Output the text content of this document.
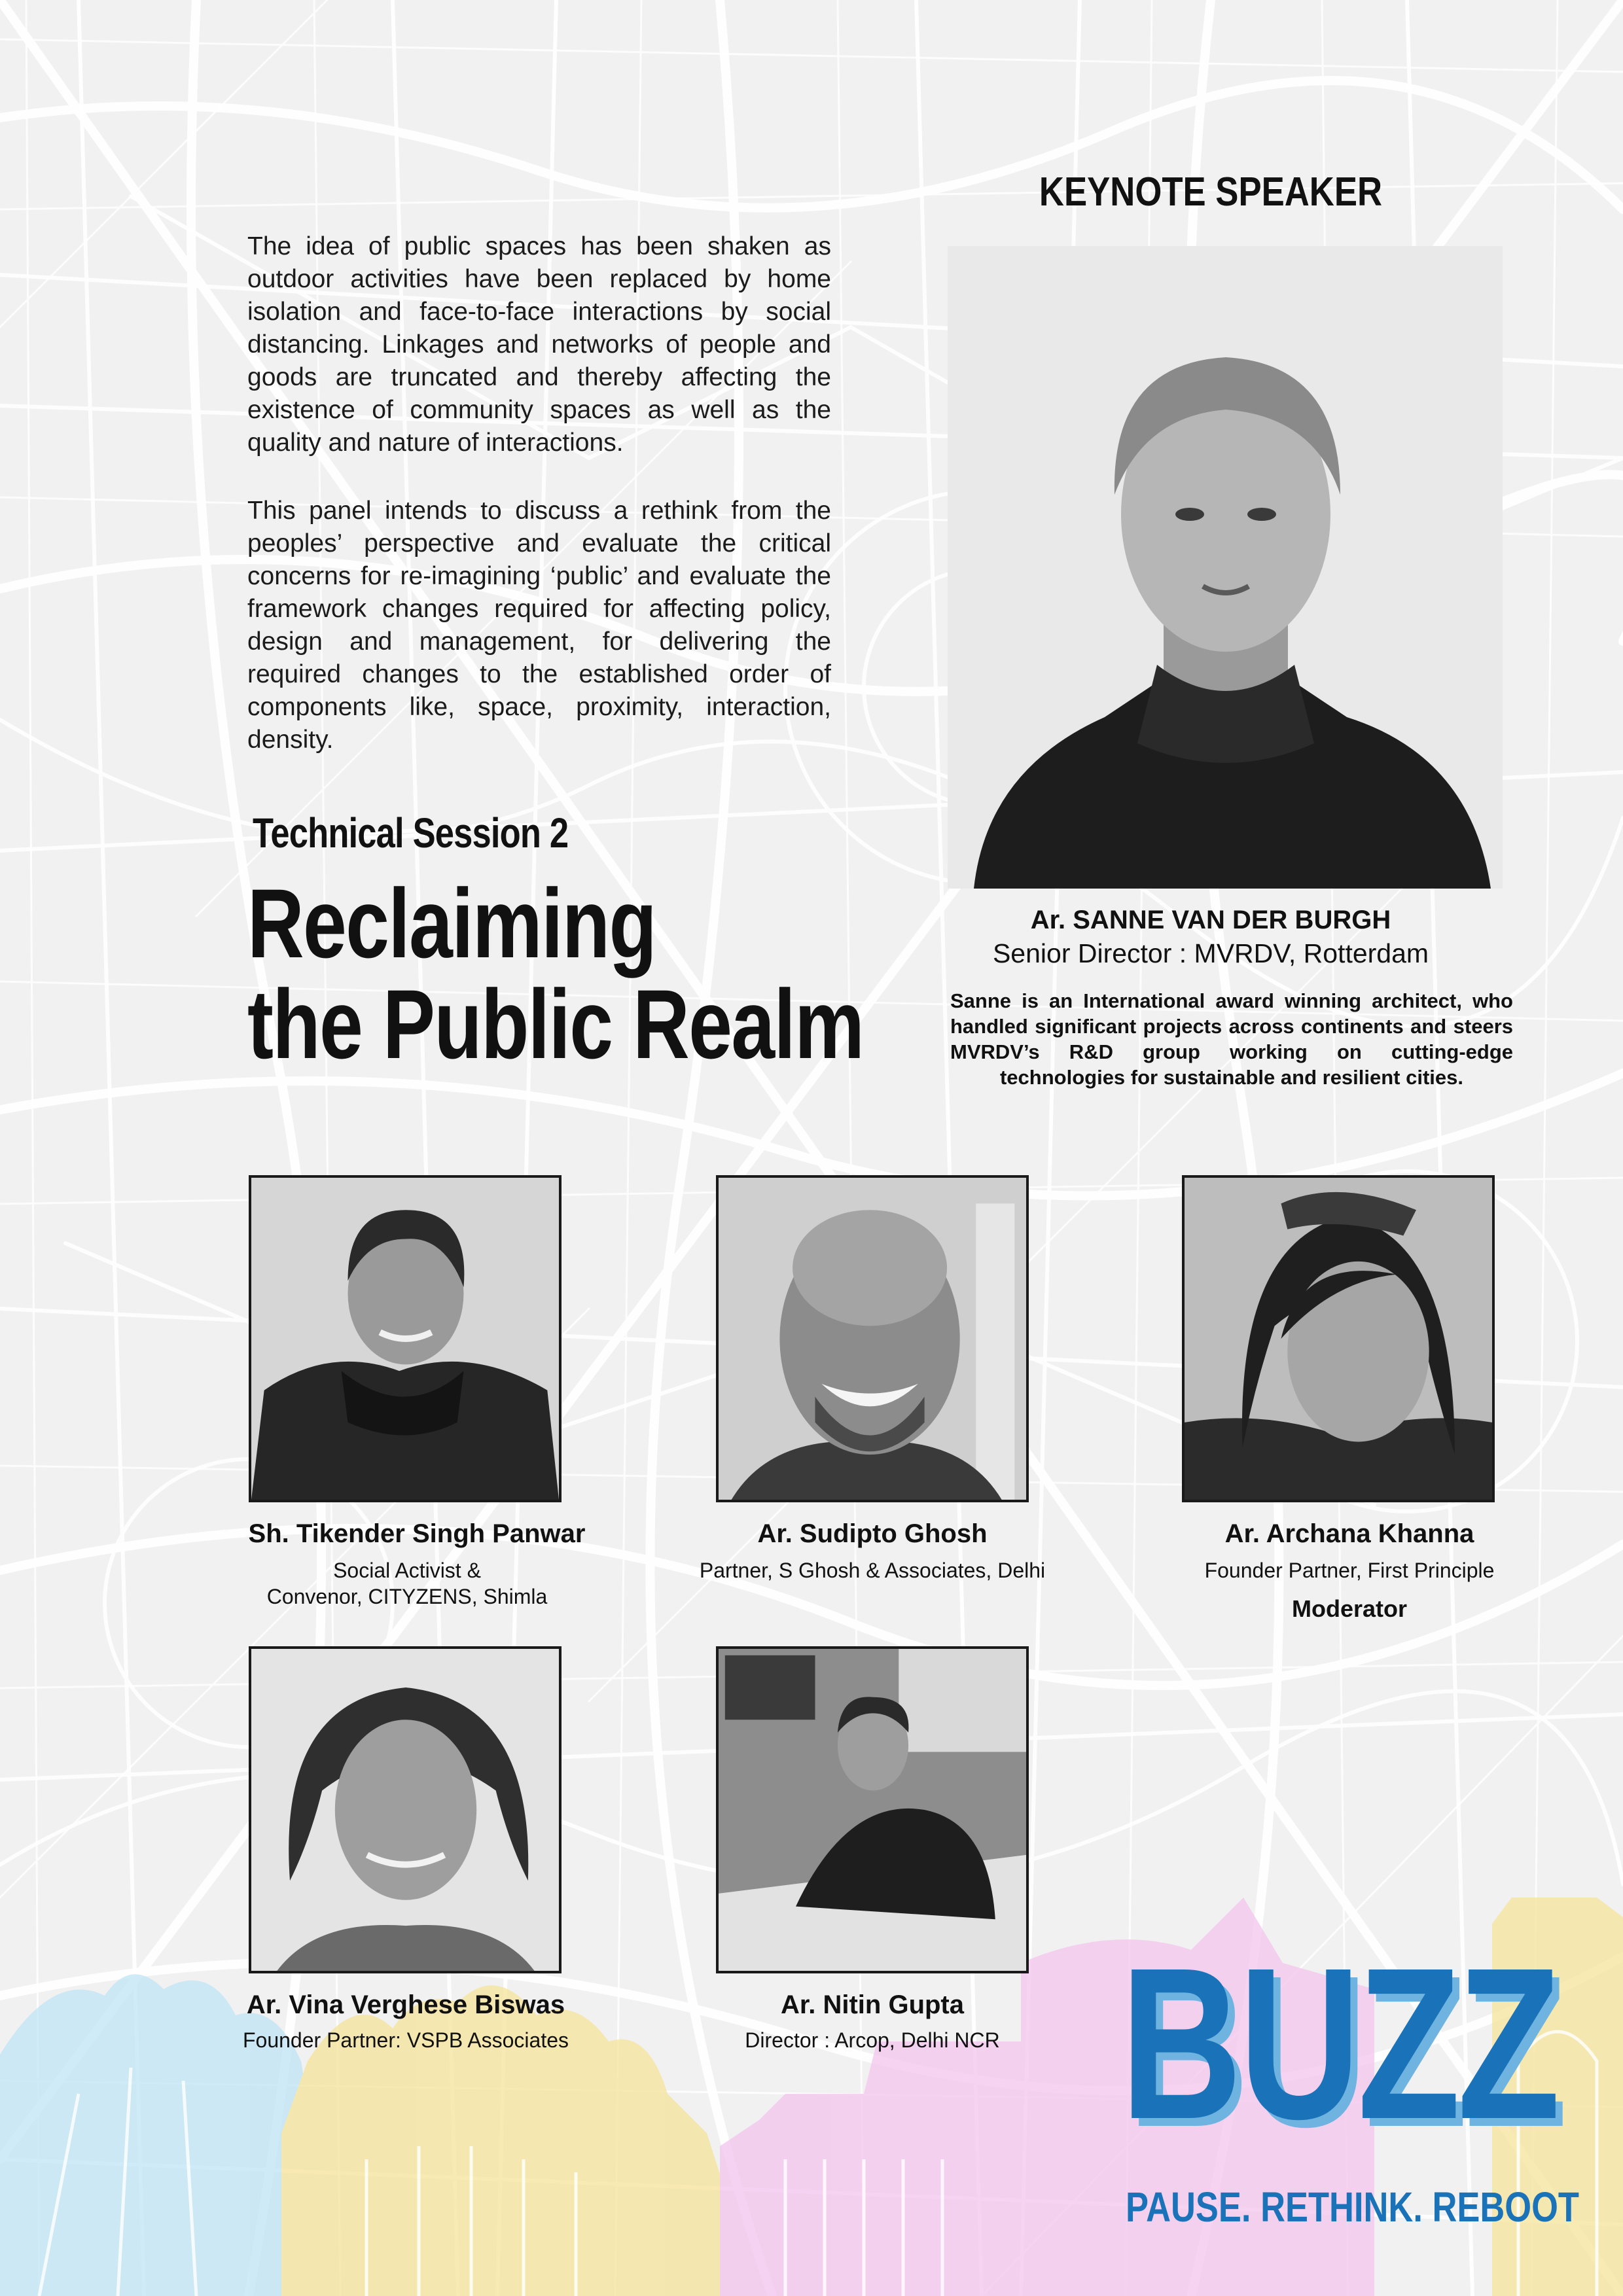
The idea of public spaces has been shaken as outdoor activities have been replaced by home isolation and face-to-face interactions by social distancing. Linkages and networks of people and goods are truncated and thereby affecting the existence of community spaces as well as the quality and nature of interactions.

This panel intends to discuss a rethink from the peoples’ perspective and evaluate the critical concerns for re-imagining ‘public’ and evaluate the framework changes required for affecting policy, design and management, for delivering the required changes to the established order of components like, space, proximity, interaction, density.

Technical Session 2
Reclaiming
the Public Realm
KEYNOTE SPEAKER
Ar. SANNE VAN DER BURGH
Senior Director : MVRDV, Rotterdam

Sanne is an International award winning architect, who handled significant projects across continents and steers MVRDV’s R&D group working on cutting-edge technologies for sustainable and resilient cities.

Sh. Tikender Singh Panwar
Social Activist &
Convenor, CITYZENS, Shimla
Ar. Sudipto Ghosh
Partner, S Ghosh & Associates, Delhi
Ar. Archana Khanna
Founder Partner, First Principle
Moderator
Ar. Vina Verghese Biswas
Founder Partner: VSPB Associates
Ar. Nitin Gupta
Director : Arcop, Delhi NCR BUZZ
PAUSE. RETHINK. REBOOT
